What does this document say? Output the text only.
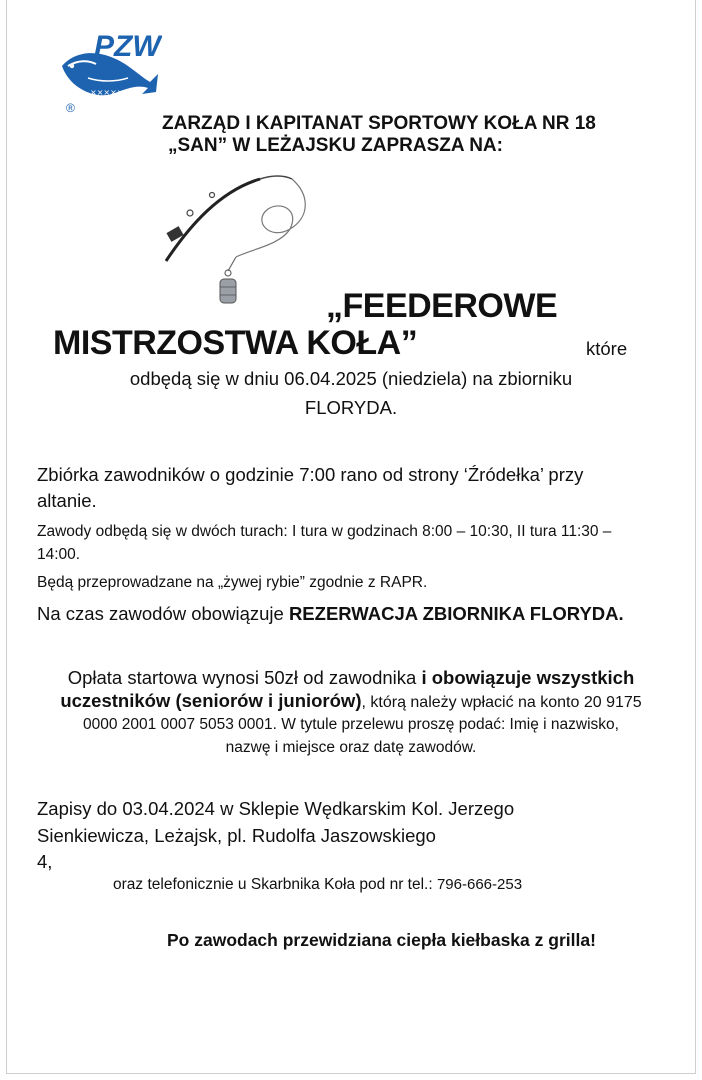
PZW
×××××××
®
ZARZĄD I KAPITANAT SPORTOWY KOŁA NR 18
„SAN” W LEŻAJSKU ZAPRASZA NA:
„FEEDEROWE
MISTRZOSTWA KOŁA”	które
odbędą się w dniu 06.04.2025 (niedziela) na zbiorniku
FLORYDA.
Zbiórka zawodników o godzinie 7:00 rano od strony ‘Źródełka’ przy
altanie.
Zawody odbędą się w dwóch turach: I tura w godzinach 8:00 – 10:30, II tura 11:30 –
14:00.
Będą przeprowadzane na „żywej rybie” zgodnie z RAPR.
Na czas zawodów obowiązuje REZERWACJA ZBIORNIKA FLORYDA.
Opłata startowa wynosi 50zł od zawodnika i obowiązuje wszystkich
uczestników (seniorów i juniorów), którą należy wpłacić na konto 20 9175
0000 2001 0007 5053 0001. W tytule przelewu proszę podać: Imię i nazwisko,
nazwę i miejsce oraz datę zawodów.
Zapisy do 03.04.2024 w Sklepie Wędkarskim Kol. Jerzego
Sienkiewicza, Leżajsk, pl. Rudolfa Jaszowskiego
4,
oraz telefonicznie u Skarbnika Koła pod nr tel.: 796-666-253
Po zawodach przewidziana ciepła kiełbaska z grilla!
